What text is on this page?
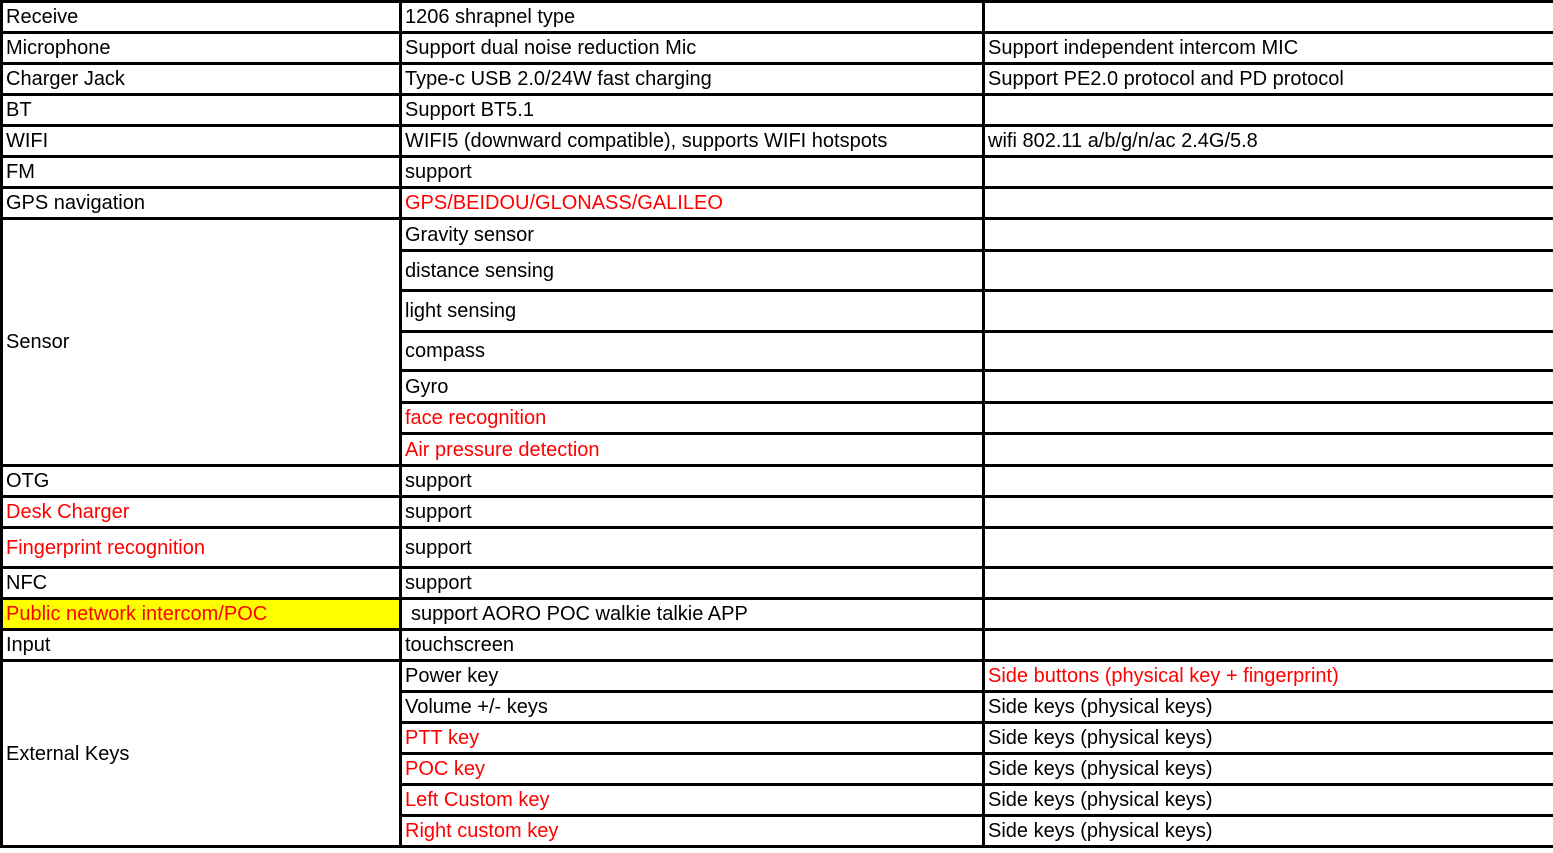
Receive	1206 shrapnel type	
Microphone	Support dual noise reduction Mic	Support independent intercom MIC
Charger Jack	Type-c USB 2.0/24W fast charging	Support PE2.0 protocol and PD protocol
BT	Support BT5.1	
WIFI	WIFI5 (downward compatible), supports WIFI hotspots	wifi 802.11 a/b/g/n/ac 2.4G/5.8
FM	support	
GPS navigation	GPS/BEIDOU/GLONASS/GALILEO	
Sensor	Gravity sensor	
	distance sensing	
	light sensing	
	compass	
	Gyro	
	face recognition	
	Air pressure detection	
OTG	support	
Desk Charger	support	
Fingerprint recognition	support	
NFC	support	
Public network intercom/POC	support AORO POC walkie talkie APP	
Input	touchscreen	
External Keys	Power key	Side buttons (physical key + fingerprint)
	Volume +/- keys	Side keys (physical keys)
	PTT key	Side keys (physical keys)
	POC key	Side keys (physical keys)
	Left Custom key	Side keys (physical keys)
	Right custom key	Side keys (physical keys)
